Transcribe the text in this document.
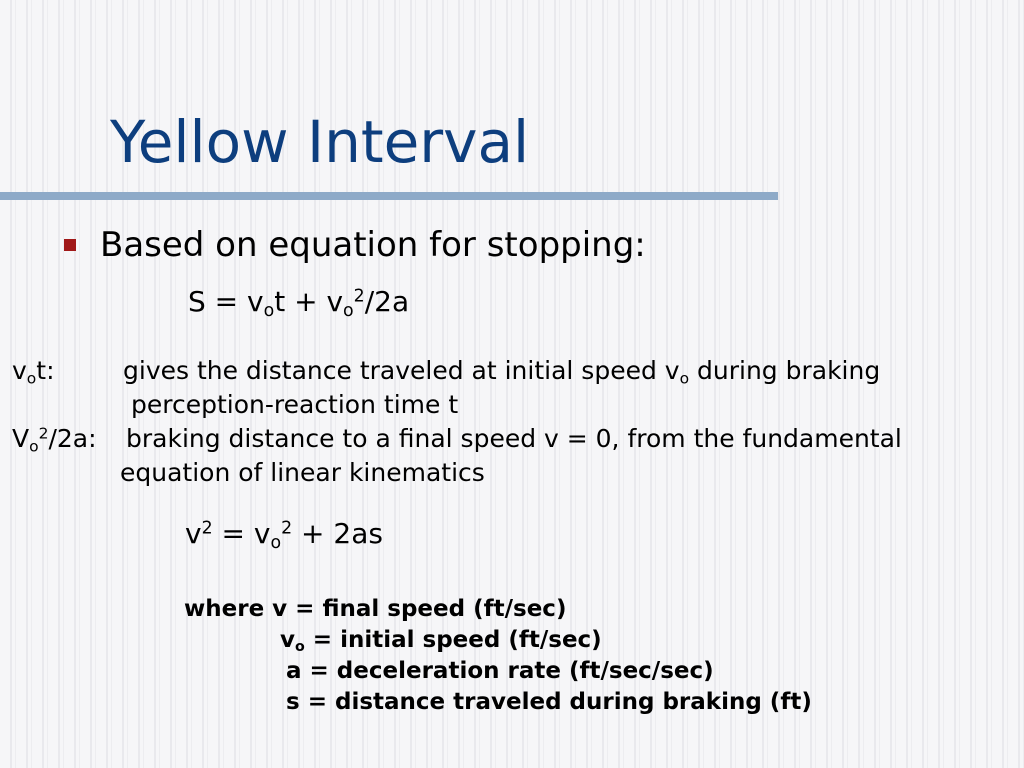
Yellow Interval
Based on equation for stopping:
$S = v_ot + v_o^2/2a$
$v_ot$:	gives the distance traveled at initial speed $v_o$ during braking
perception-reaction time t
$V_o^2/2a$: braking distance to a final speed v = 0, from the fundamental
equation of linear kinematics
$v^2 = v_o^2 + 2as$
where v = final speed (ft/sec)
$v_o$ = initial speed (ft/sec)
a = deceleration rate (ft/sec/sec)
s = distance traveled during braking (ft)
